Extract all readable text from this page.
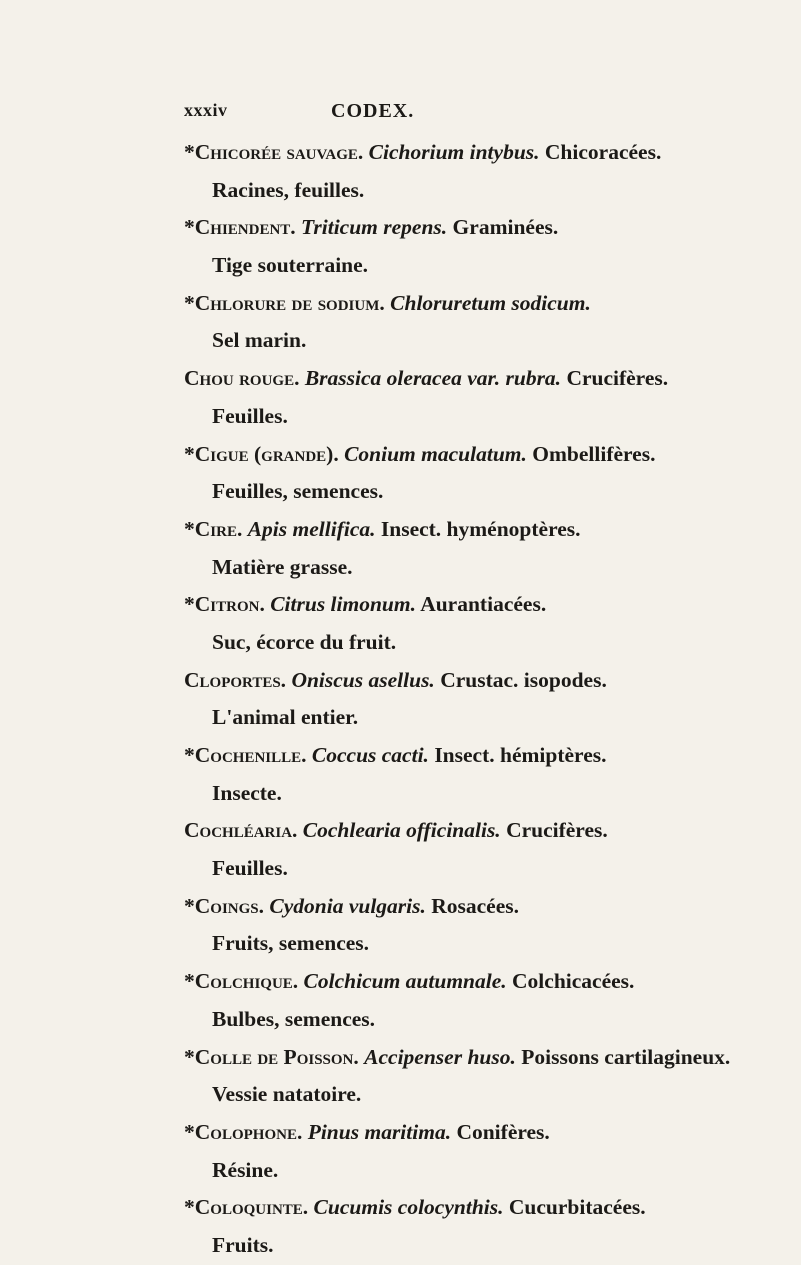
xxxiv	CODEX.
*Chicorée sauvage. Cichorium intybus. Chicoracées.
Racines, feuilles.
*Chiendent. Triticum repens. Graminées.
Tige souterraine.
*Chlorure de sodium. Chloruretum sodicum.
Sel marin.
Chou rouge. Brassica oleracea var. rubra. Crucifères.
Feuilles.
*Cigue (grande). Conium maculatum. Ombellifères.
Feuilles, semences.
*Cire. Apis mellifica. Insect. hyménoptères.
Matière grasse.
*Citron. Citrus limonum. Aurantiacées.
Suc, écorce du fruit.
Cloportes. Oniscus asellus. Crustac. isopodes.
L'animal entier.
*Cochenille. Coccus cacti. Insect. hémiptères.
Insecte.
Cochléaria. Cochlearia officinalis. Crucifères.
Feuilles.
*Coings. Cydonia vulgaris. Rosacées.
Fruits, semences.
*Colchique. Colchicum autumnale. Colchicacées.
Bulbes, semences.
*Colle de Poisson. Accipenser huso. Poissons cartilagineux.
Vessie natatoire.
*Colophone. Pinus maritima. Conifères.
Résine.
*Coloquinte. Cucumis colocynthis. Cucurbitacées.
Fruits.
